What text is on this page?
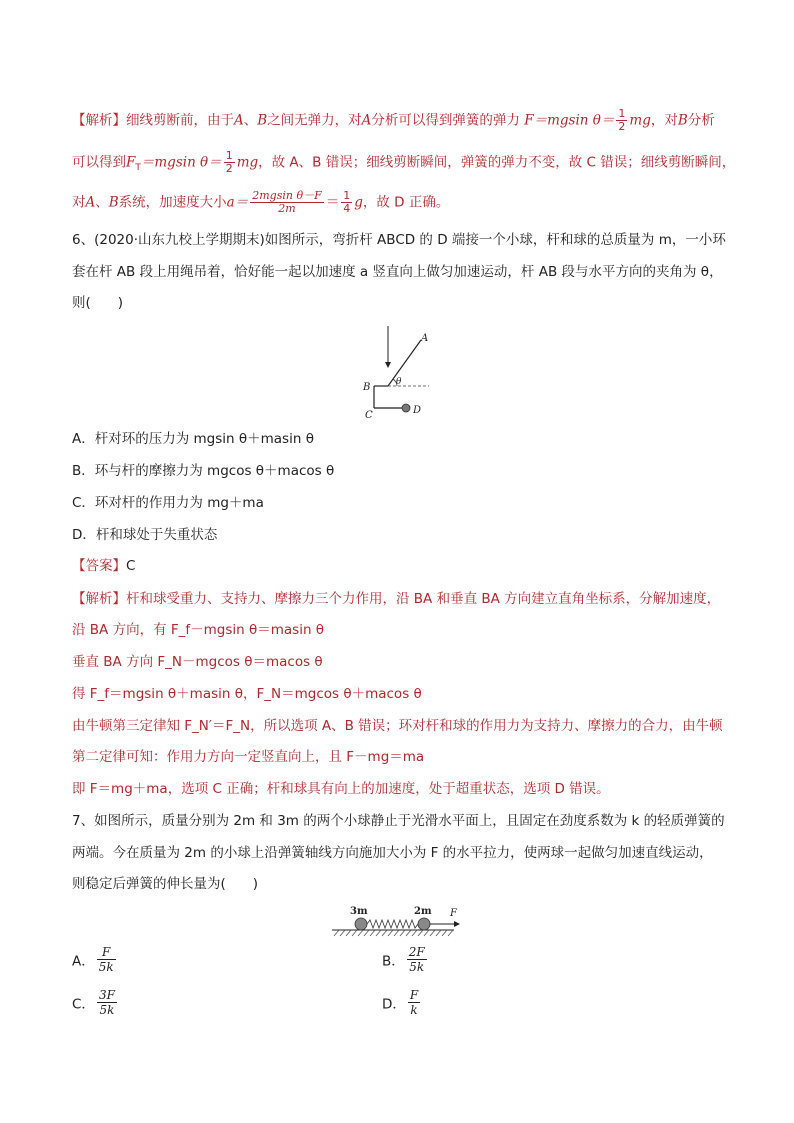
【解析】细线剪断前，由于A、B之间无弹力，对A分析可以得到弹簧的弹力 F＝mgsin $\theta= \frac{1}{2}$ mg，对B分析
可以得到$F_T=mgsin$ $\theta= \frac{1}{2}$ mg，故 A、B 错误；细线剪断瞬间，弹簧的弹力不变，故 C 错误；细线剪断瞬间，
对A、B系统，加速度大小$a= \frac{\text{2mgsin θ－F}}{2m} = \frac{1}{4}$ g，故 D 正确。
6、(2020·山东九校上学期期末)如图所示，弯折杆 ABCD 的 D 端接一个小球，杆和球的总质量为 m，一小环
套在杆 AB 段上用绳吊着，恰好能一起以加速度 a 竖直向上做匀加速运动，杆 AB 段与水平方向的夹角为 θ，
则(　　)
A
B	θ
C	D
A．杆对环的压力为 mgsin θ＋masin θ
B．环与杆的摩擦力为 mgcos θ＋macos θ
C．环对杆的作用力为 mg＋ma
D．杆和球处于失重状态
【答案】C
【解析】杆和球受重力、支持力、摩擦力三个力作用，沿 BA 和垂直 BA 方向建立直角坐标系，分解加速度，
沿 BA 方向，有 F_f－mgsin θ＝masin θ
垂直 BA 方向 F_N－mgcos θ＝macos θ
得 F_f＝mgsin θ＋masin θ，F_N＝mgcos θ＋macos θ
由牛顿第三定律知 F_N′＝F_N，所以选项 A、B 错误；环对杆和球的作用力为支持力、摩擦力的合力，由牛顿
第二定律可知：作用力方向一定竖直向上，且 F－mg＝ma
即 F＝mg＋ma，选项 C 正确；杆和球具有向上的加速度，处于超重状态，选项 D 错误。
7、如图所示，质量分别为 2m 和 3m 的两个小球静止于光滑水平面上，且固定在劲度系数为 k 的轻质弹簧的
两端。今在质量为 2m 的小球上沿弹簧轴线方向施加大小为 F 的水平拉力，使两球一起做匀加速直线运动，
则稳定后弹簧的伸长量为(　　)
3m	2m F
A． $\frac{F}{5k}$	B． $\frac{2F}{5k}$
C． $\frac{3F}{5k}$	D． $\frac{F}{k}$
